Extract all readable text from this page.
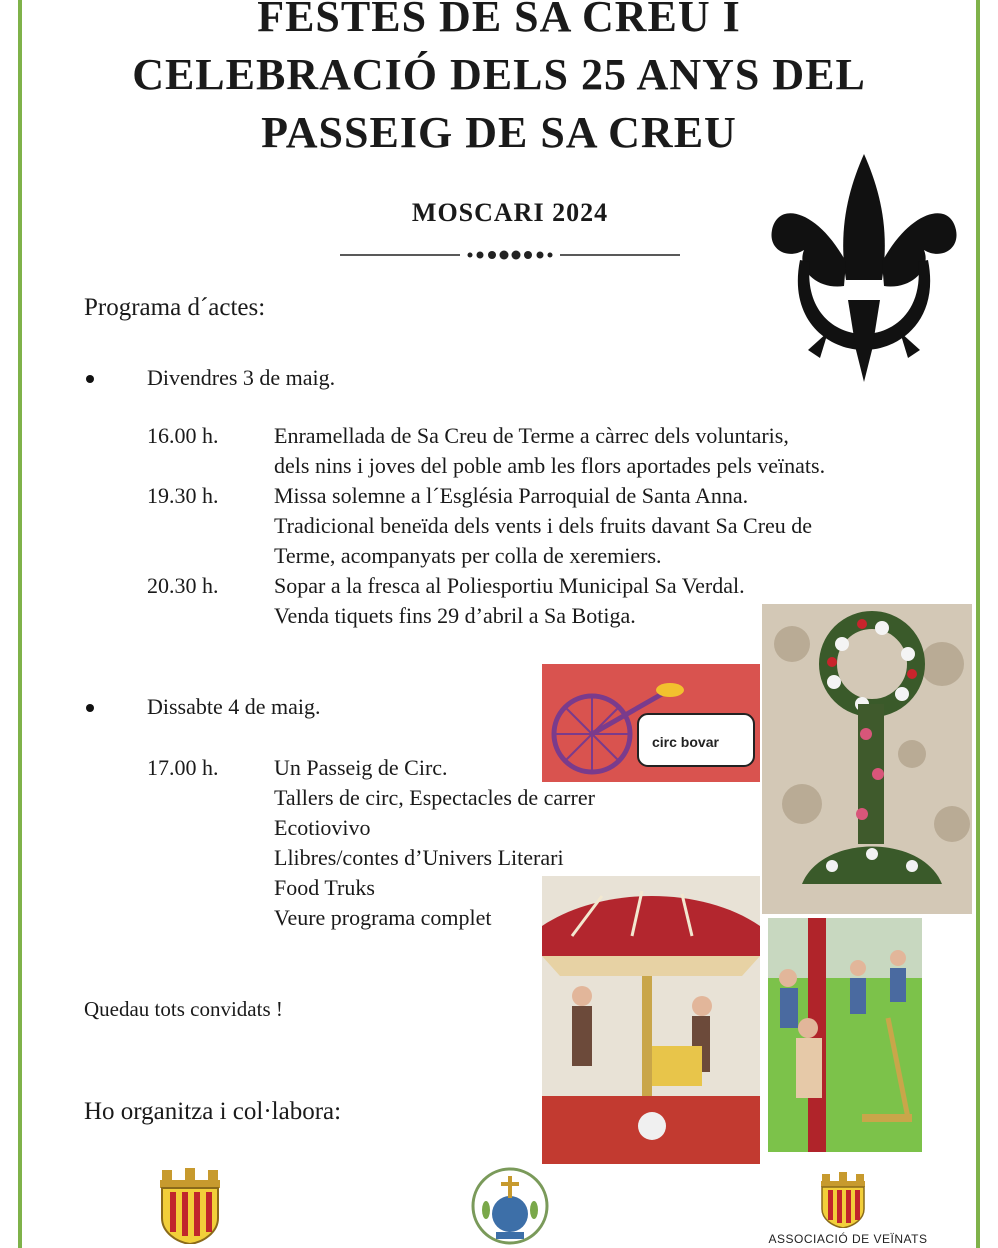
FESTES DE SA CREU I
CELEBRACIÓ DELS 25 ANYS DEL
PASSEIG DE SA CREU
MOSCARI 2024
Programa d´actes:
Divendres 3 de maig.
16.00 h.	Enramellada de Sa Creu de Terme a càrrec dels voluntaris,
dels nins i joves del poble amb les flors aportades pels veïnats.
19.30 h.	Missa solemne a l´Església Parroquial de Santa Anna.
Tradicional beneïda dels vents i dels fruits davant Sa Creu de
Terme, acompanyats per colla de xeremiers.
20.30 h.	Sopar a la fresca al Poliesportiu Municipal Sa Verdal.
Venda tiquets fins 29 d’abril a Sa Botiga.
circ bovar
Dissabte 4 de maig.
17.00 h.	Un Passeig de Circ.
Tallers de circ, Espectacles de carrer
Ecotiovivo
Llibres/contes d’Univers Literari
Food Truks
Veure programa complet
Quedau tots convidats !
Ho organitza i col·labora:
ASSOCIACIÓ DE VEÏNATS
